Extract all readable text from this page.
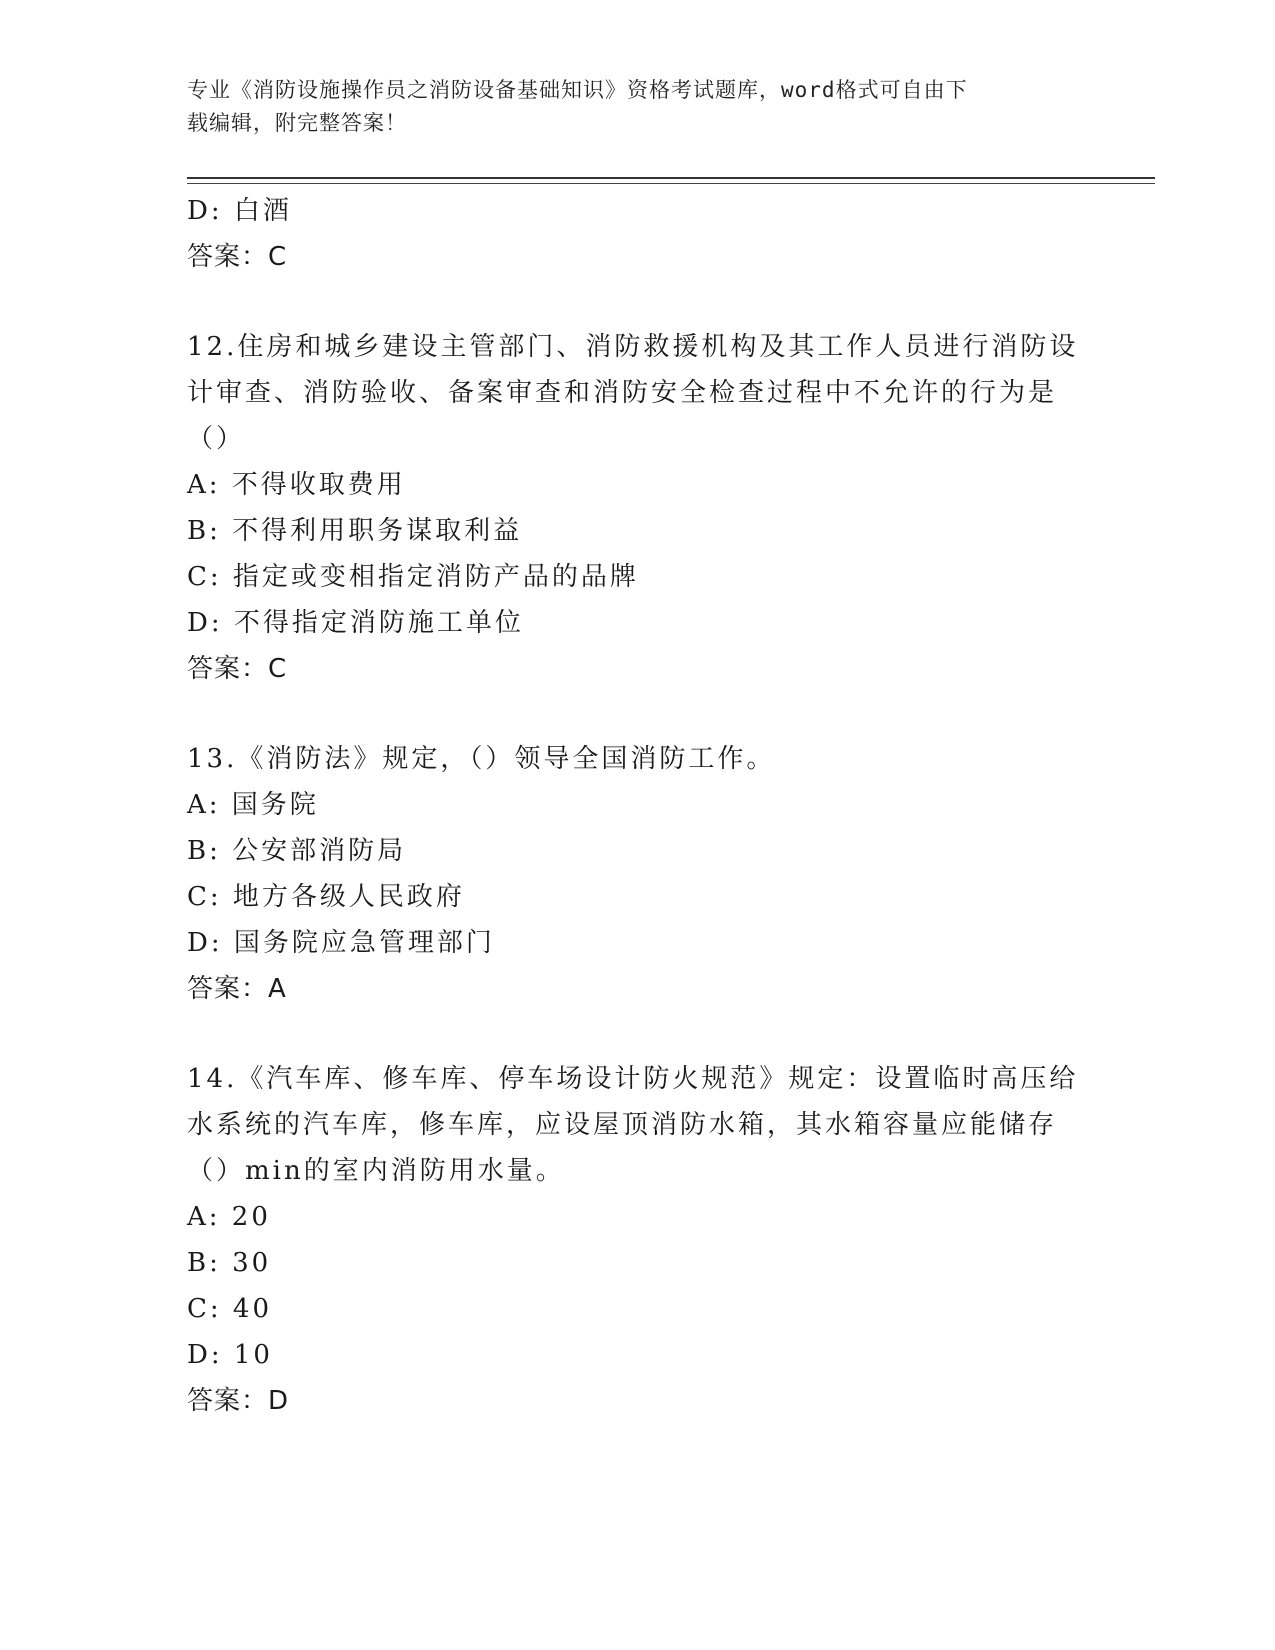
专业《消防设施操作员之消防设备基础知识》资格考试题库，word格式可自由下
载编辑，附完整答案！
D: 白酒
答案：C
12.住房和城乡建设主管部门、消防救援机构及其工作人员进行消防设
计审查、消防验收、备案审查和消防安全检查过程中不允许的行为是
（）
A: 不得收取费用
B: 不得利用职务谋取利益
C: 指定或变相指定消防产品的品牌
D: 不得指定消防施工单位
答案：C
13.《消防法》规定，（）领导全国消防工作。
A: 国务院
B: 公安部消防局
C: 地方各级人民政府
D: 国务院应急管理部门
答案：A
14.《汽车库、修车库、停车场设计防火规范》规定：设置临时高压给
水系统的汽车库，修车库，应设屋顶消防水箱，其水箱容量应能储存
（）min的室内消防用水量。
A: 20
B: 30
C: 40
D: 10
答案：D
